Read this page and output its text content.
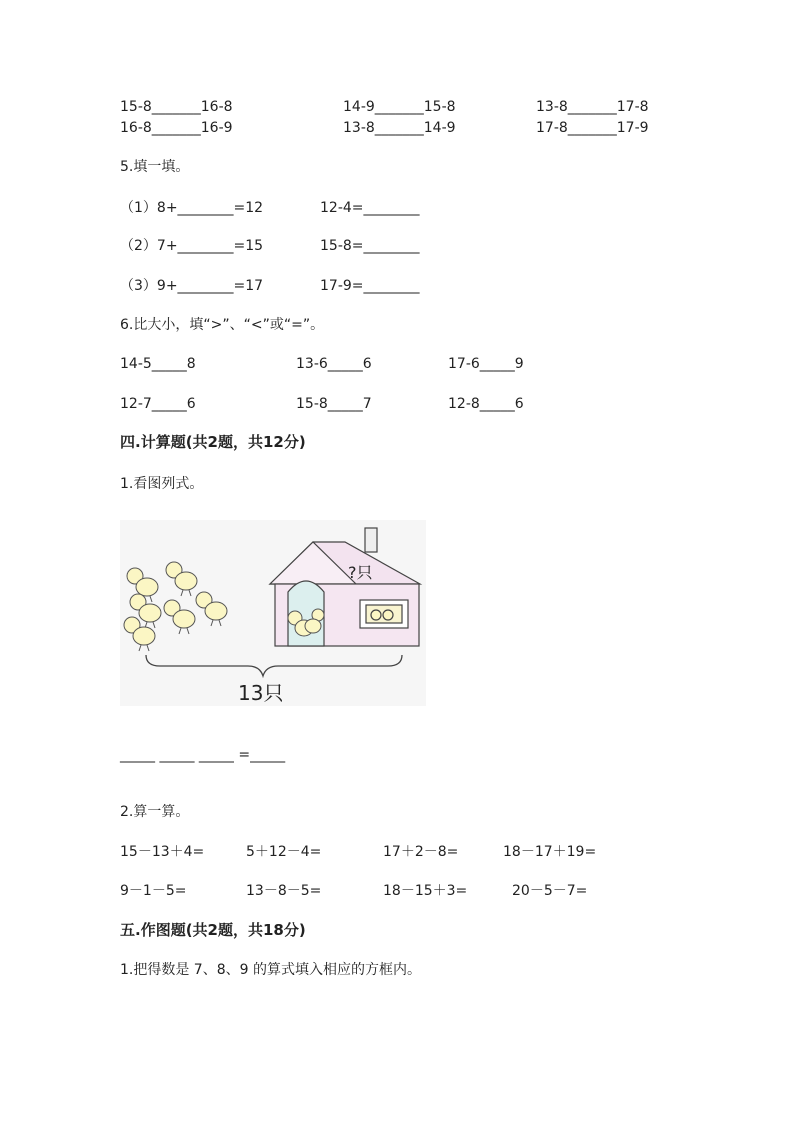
15-8_______16-8	14-9_______15-8	13-8_______17-8
16-8_______16-9	13-8_______14-9	17-8_______17-9
5.填一填。
（1）8+________=12	12-4=________
（2）7+________=15	15-8=________
（3）9+________=17	17-9=________
6.比大小，填“>”、“<”或“=”。
14-5_____8	13-6_____6	17-6_____9
12-7_____6	15-8_____7	12-8_____6
四.计算题(共2题，共12分)
1.看图列式。
?只
13只
_____ _____ _____ =_____
2.算一算。
15－13＋4=	5＋12－4=	17＋2－8=	18－17＋19=
9－1－5=	13－8－5=	18－15＋3=	20－5－7=
五.作图题(共2题，共18分)
1.把得数是 7、8、9 的算式填入相应的方框内。
